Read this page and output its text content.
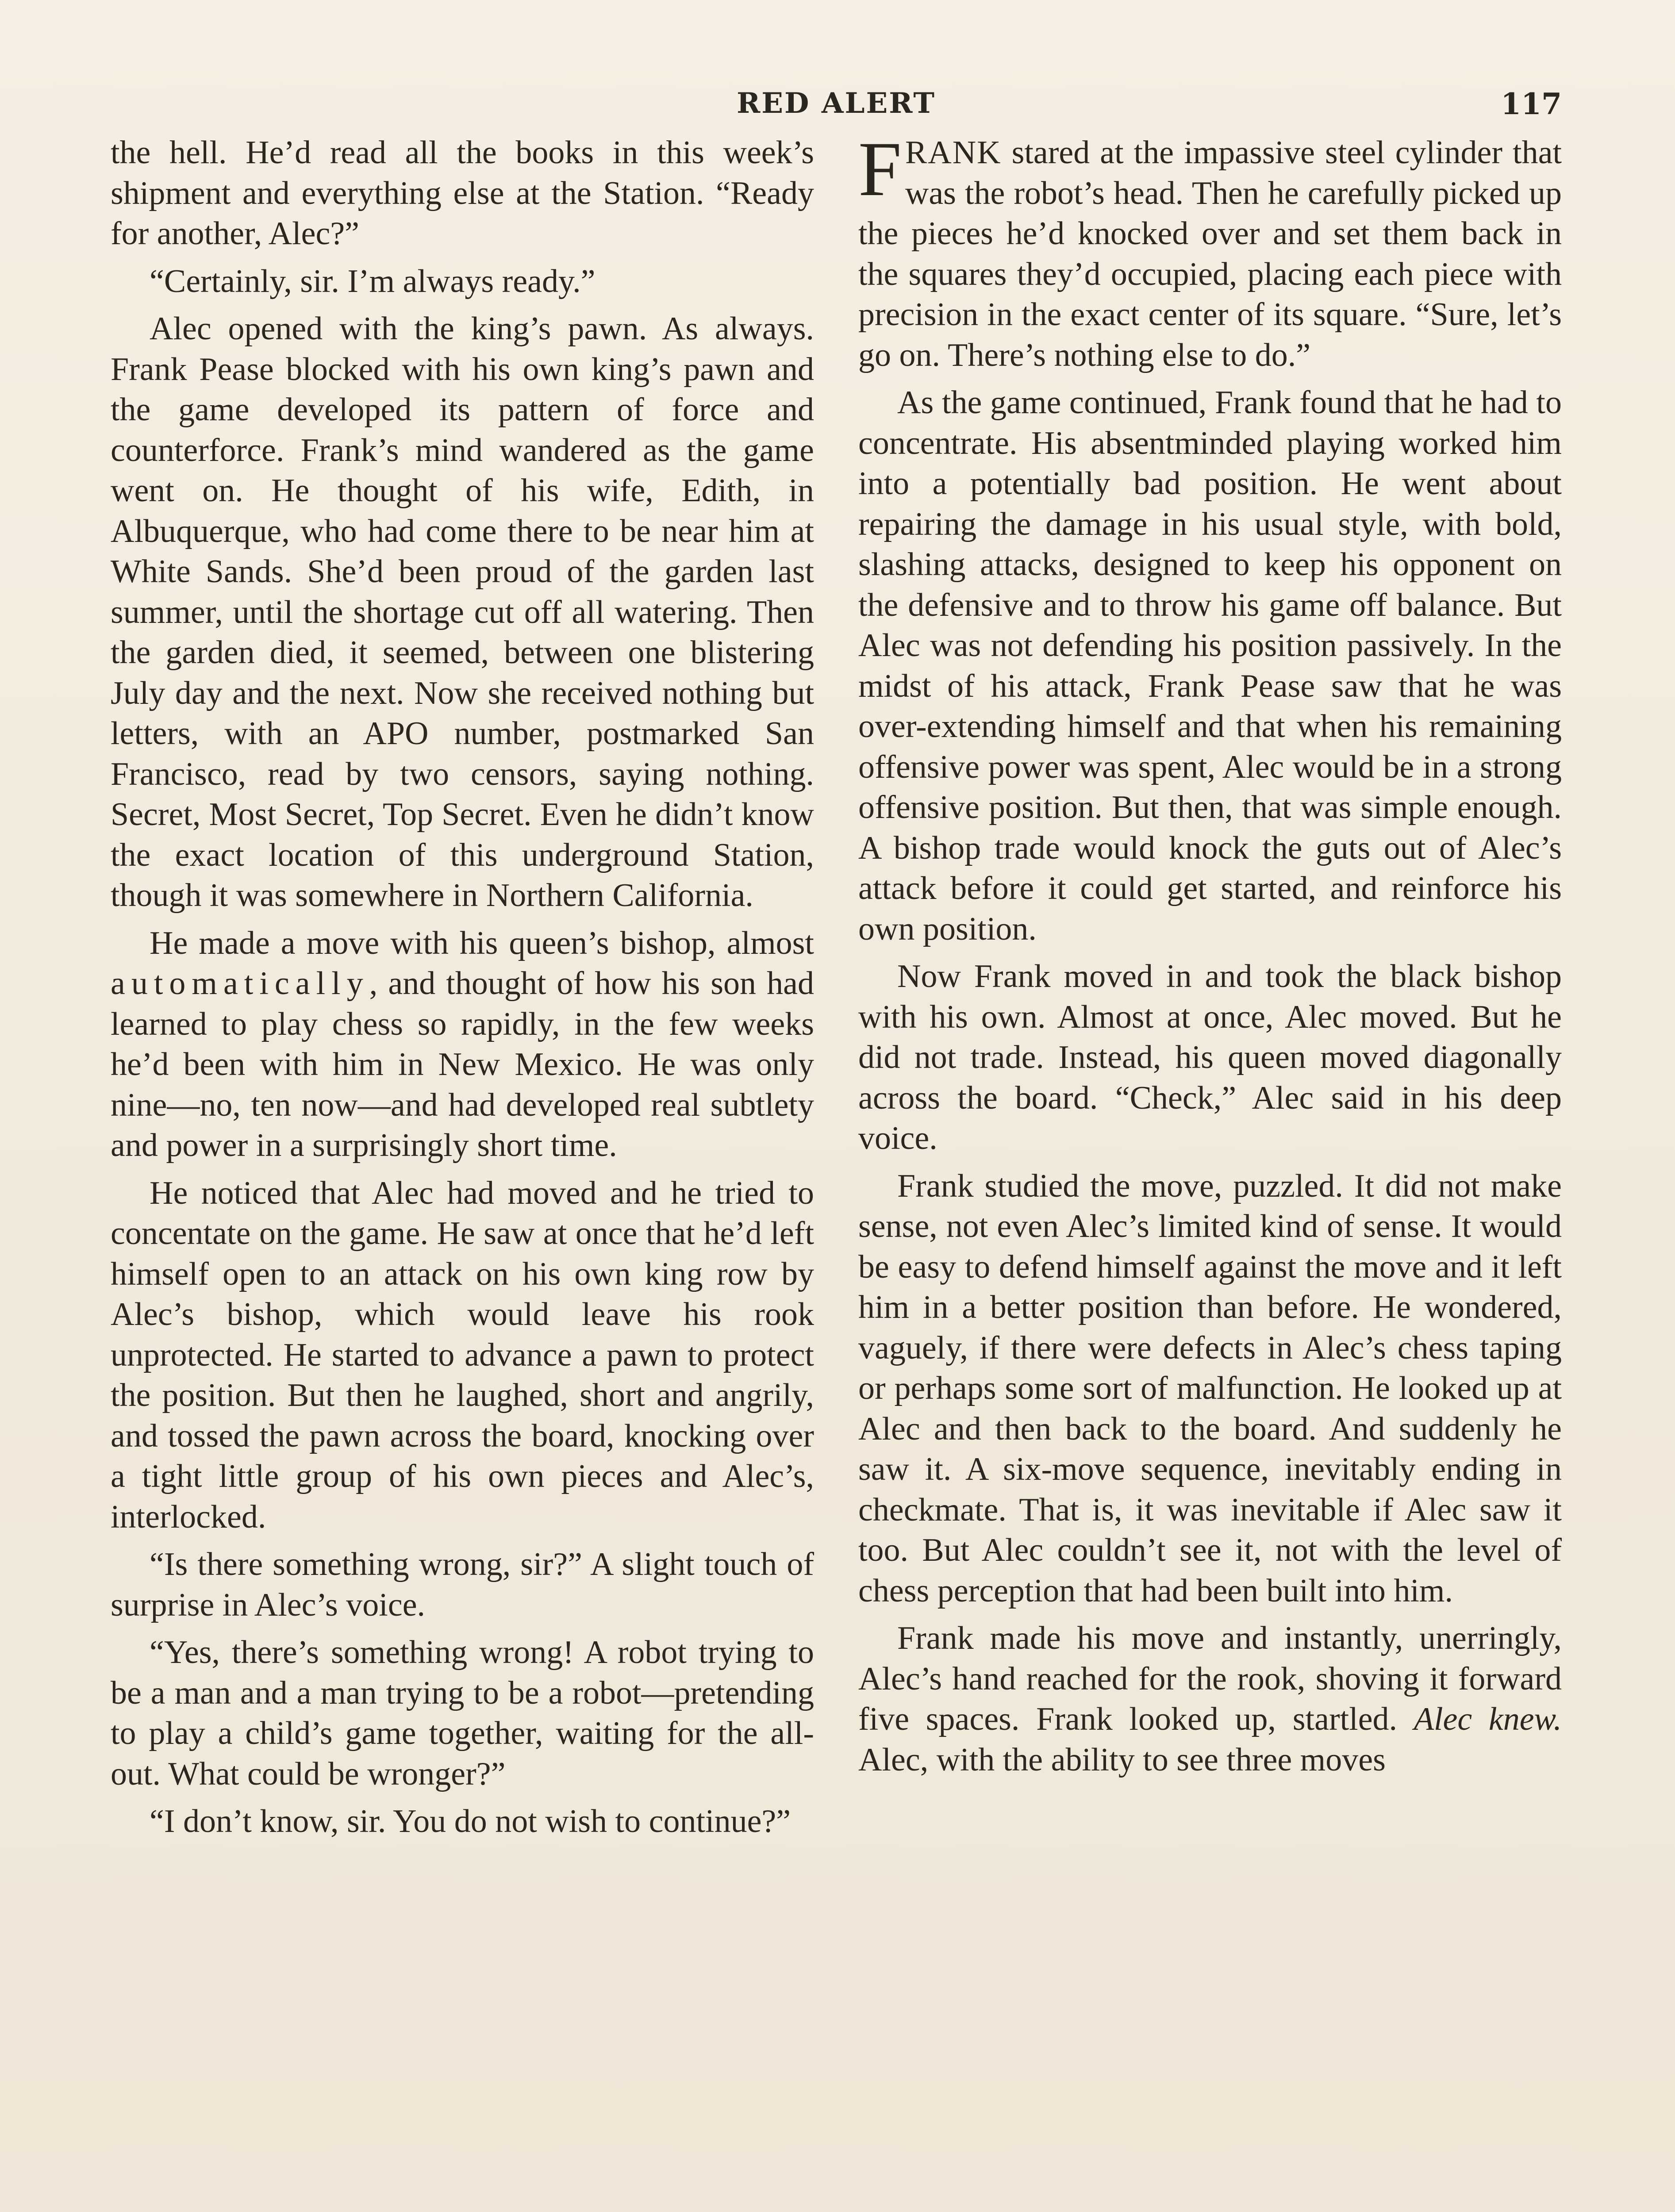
RED ALERT	117

the hell. He’d read all the books in this week’s shipment and everything else at the Station. “Ready for another, Alec?”

“Certainly, sir. I’m always ready.”

Alec opened with the king’s pawn. As always. Frank Pease blocked with his own king’s pawn and the game developed its pattern of force and counterforce. Frank’s mind wandered as the game went on. He thought of his wife, Edith, in Albuquerque, who had come there to be near him at White Sands. She’d been proud of the garden last summer, until the shortage cut off all watering. Then the garden died, it seemed, between one blistering July day and the next. Now she received nothing but letters, with an APO number, postmarked San Francisco, read by two censors, saying nothing. Secret, Most Secret, Top Secret. Even he didn’t know the exact location of this underground Station, though it was somewhere in Northern California.

He made a move with his queen’s bishop, almost automatically, and thought of how his son had learned to play chess so rapidly, in the few weeks he’d been with him in New Mexico. He was only nine—no, ten now—and had developed real subtlety and power in a surprisingly short time.

He noticed that Alec had moved and he tried to concentate on the game. He saw at once that he’d left himself open to an attack on his own king row by Alec’s bishop, which would leave his rook unprotected. He started to advance a pawn to protect the position. But then he laughed, short and angrily, and tossed the pawn across the board, knocking over a tight little group of his own pieces and Alec’s, interlocked.

“Is there something wrong, sir?” A slight touch of surprise in Alec’s voice.

“Yes, there’s something wrong! A robot trying to be a man and a man trying to be a robot—pretending to play a child’s game together, waiting for the all-out. What could be wronger?”

“I don’t know, sir. You do not wish to continue?”

FRANK stared at the impassive steel cylinder that was the robot’s head. Then he carefully picked up the pieces he’d knocked over and set them back in the squares they’d occupied, placing each piece with precision in the exact center of its square. “Sure, let’s go on. There’s nothing else to do.”

As the game continued, Frank found that he had to concentrate. His absentminded playing worked him into a potentially bad position. He went about repairing the damage in his usual style, with bold, slashing attacks, designed to keep his opponent on the defensive and to throw his game off balance. But Alec was not defending his position passively. In the midst of his attack, Frank Pease saw that he was over-extending himself and that when his remaining offensive power was spent, Alec would be in a strong offensive position. But then, that was simple enough. A bishop trade would knock the guts out of Alec’s attack before it could get started, and reinforce his own position.

Now Frank moved in and took the black bishop with his own. Almost at once, Alec moved. But he did not trade. Instead, his queen moved diagonally across the board. “Check,” Alec said in his deep voice.

Frank studied the move, puzzled. It did not make sense, not even Alec’s limited kind of sense. It would be easy to defend himself against the move and it left him in a better position than before. He wondered, vaguely, if there were defects in Alec’s chess taping or perhaps some sort of malfunction. He looked up at Alec and then back to the board. And suddenly he saw it. A six-move sequence, inevitably ending in checkmate. That is, it was inevitable if Alec saw it too. But Alec couldn’t see it, not with the level of chess perception that had been built into him.

Frank made his move and instantly, unerringly, Alec’s hand reached for the rook, shoving it forward five spaces. Frank looked up, startled. Alec knew. Alec, with the ability to see three moves
